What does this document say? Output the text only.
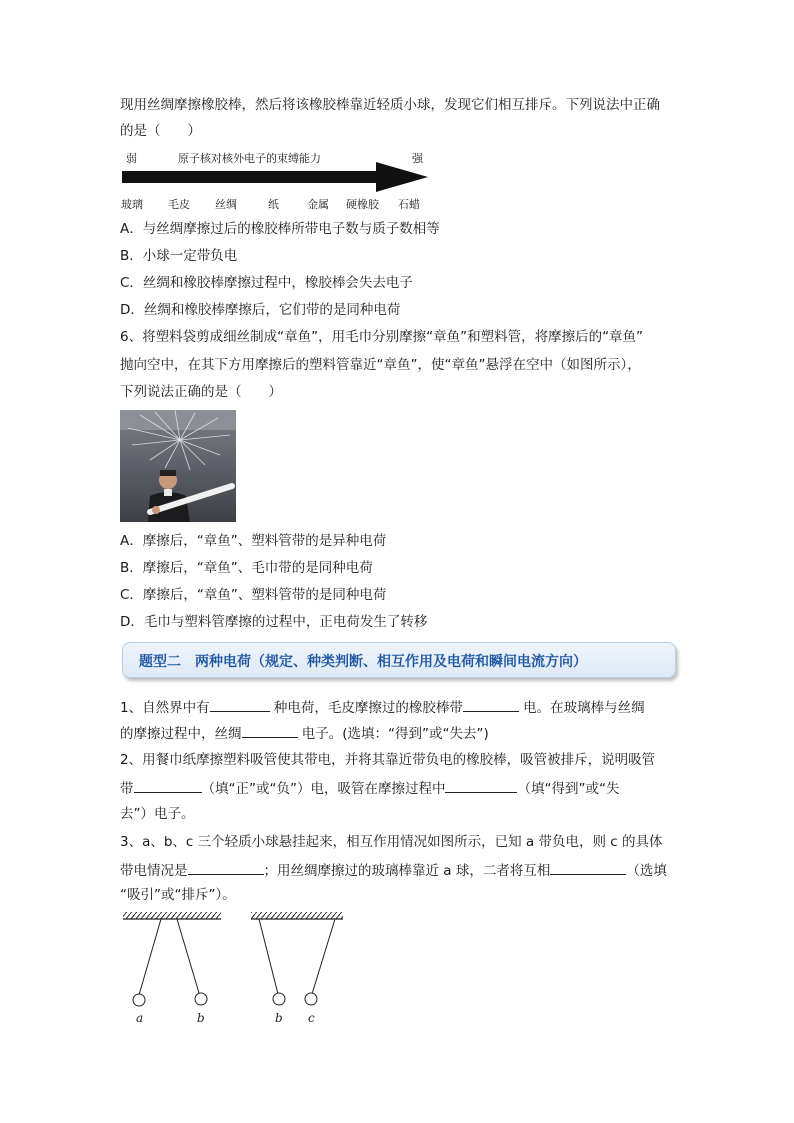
现用丝绸摩擦橡胶棒，然后将该橡胶棒靠近轻质小球，发现它们相互排斥。下列说法中正确
的是（　　）
弱	原子核对核外电子的束缚能力	强
玻璃 毛皮 丝绸	纸	金属 硬橡胶 石蜡
A．与丝绸摩擦过后的橡胶棒所带电子数与质子数相等
B．小球一定带负电
C．丝绸和橡胶棒摩擦过程中，橡胶棒会失去电子
D．丝绸和橡胶棒摩擦后，它们带的是同种电荷
6、将塑料袋剪成细丝制成“章鱼”，用毛巾分别摩擦“章鱼”和塑料管，将摩擦后的“章鱼”
抛向空中，在其下方用摩擦后的塑料管靠近“章鱼”，使“章鱼”悬浮在空中（如图所示），
下列说法正确的是（　　）
A．摩擦后，“章鱼”、塑料管带的是异种电荷
B．摩擦后，“章鱼”、毛巾带的是同种电荷
C．摩擦后，“章鱼”、塑料管带的是同种电荷
D．毛巾与塑料管摩擦的过程中，正电荷发生了转移
题型二　两种电荷（规定、种类判断、相互作用及电荷和瞬间电流方向）
1、自然界中有	种电荷，毛皮摩擦过的橡胶棒带	电。在玻璃棒与丝绸
的摩擦过程中，丝绸	电子。(选填：“得到”或“失去”)
2、用餐巾纸摩擦塑料吸管使其带电，并将其靠近带负电的橡胶棒，吸管被排斥，说明吸管
带	（填“正”或“负”）电，吸管在摩擦过程中	（填“得到”或“失
去”）电子。
3、a、b、c 三个轻质小球悬挂起来，相互作用情况如图所示，已知 a 带负电，则 c 的具体
带电情况是	；用丝绸摩擦过的玻璃棒靠近 a 球，二者将互相	（选填
“吸引”或“排斥”）。
a	b	b c
